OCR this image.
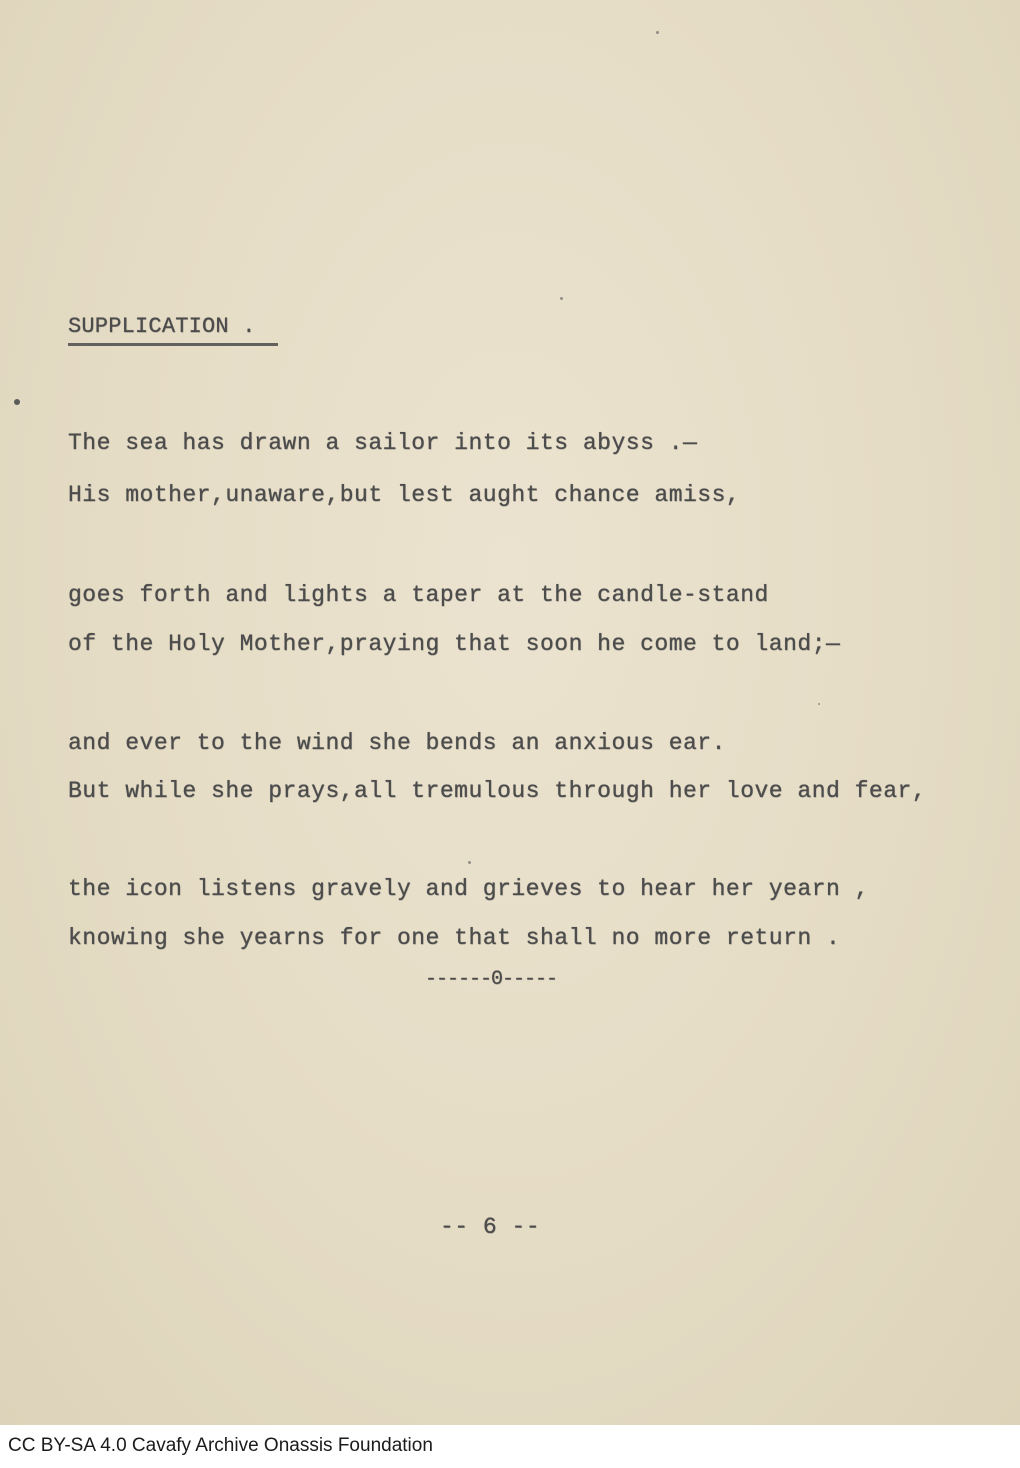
SUPPLICATION .
The sea has drawn a sailor into its abyss .—
His mother,unaware,but lest aught chance amiss,
goes forth and lights a taper at the candle-stand
of the Holy Mother,praying that soon he come to land;—
and ever to the wind she bends an anxious ear.
But while she prays,all tremulous through her love and fear,
the icon listens gravely and grieves to hear her yearn ,
knowing she yearns for one that shall no more return .
------0-----
-- 6 --
CC BY-SA 4.0 Cavafy Archive Onassis Foundation
